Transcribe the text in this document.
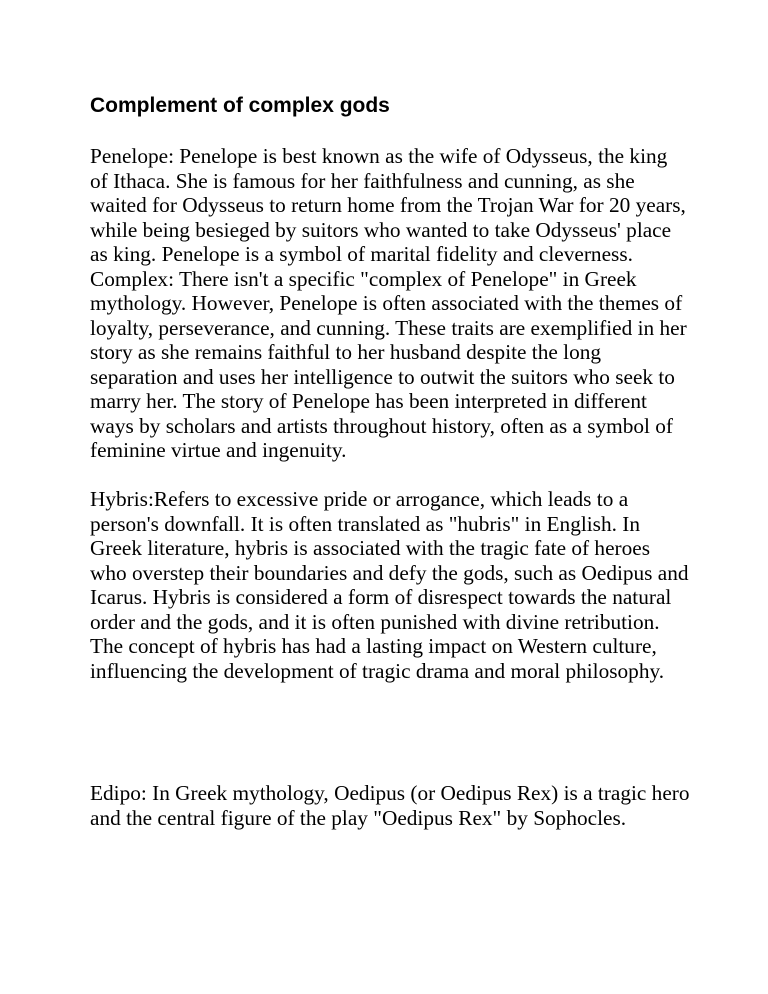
Complement of complex gods

Penelope: Penelope is best known as the wife of Odysseus, the king of Ithaca. She is famous for her faithfulness and cunning, as she waited for Odysseus to return home from the Trojan War for 20 years, while being besieged by suitors who wanted to take Odysseus' place as king. Penelope is a symbol of marital fidelity and cleverness.

Complex: There isn't a specific "complex of Penelope" in Greek mythology. However, Penelope is often associated with the themes of loyalty, perseverance, and cunning. These traits are exemplified in her story as she remains faithful to her husband despite the long separation and uses her intelligence to outwit the suitors who seek to marry her. The story of Penelope has been interpreted in different ways by scholars and artists throughout history, often as a symbol of feminine virtue and ingenuity.

Hybris:Refers to excessive pride or arrogance, which leads to a person's downfall. It is often translated as "hubris" in English. In Greek literature, hybris is associated with the tragic fate of heroes who overstep their boundaries and defy the gods, such as Oedipus and Icarus. Hybris is considered a form of disrespect towards the natural order and the gods, and it is often punished with divine retribution. The concept of hybris has had a lasting impact on Western culture, influencing the development of tragic drama and moral philosophy.

Edipo: In Greek mythology, Oedipus (or Oedipus Rex) is a tragic hero and the central figure of the play "Oedipus Rex" by Sophocles.
